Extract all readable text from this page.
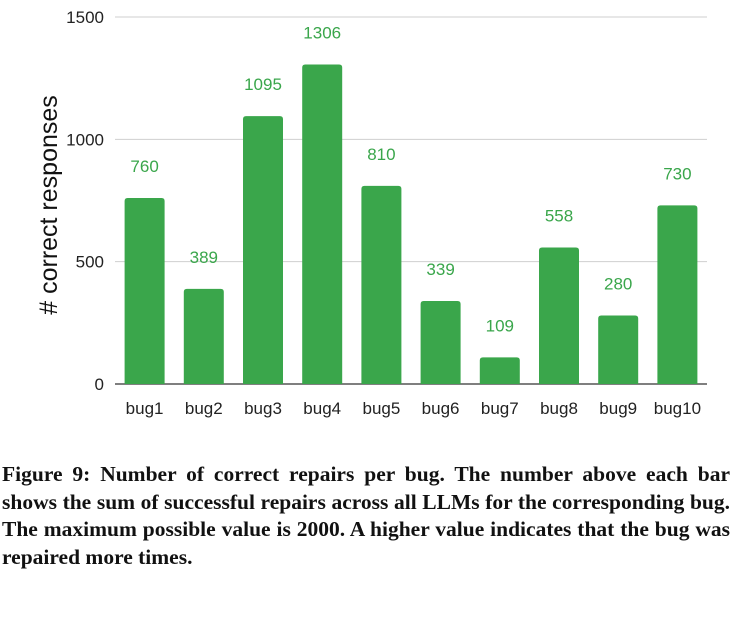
0
500
1000
1500
760
389
1095
1306
810
339
109
558
280
730
bug1 bug2 bug3 bug4 bug5 bug6 bug7 bug8 bug9 bug10
# correct responses

Figure 9: Number of correct repairs per bug. The number above each bar shows the sum of successful repairs across all LLMs for the corresponding bug. The maximum possible value is 2000. A higher value indicates that the bug was repaired more times.
